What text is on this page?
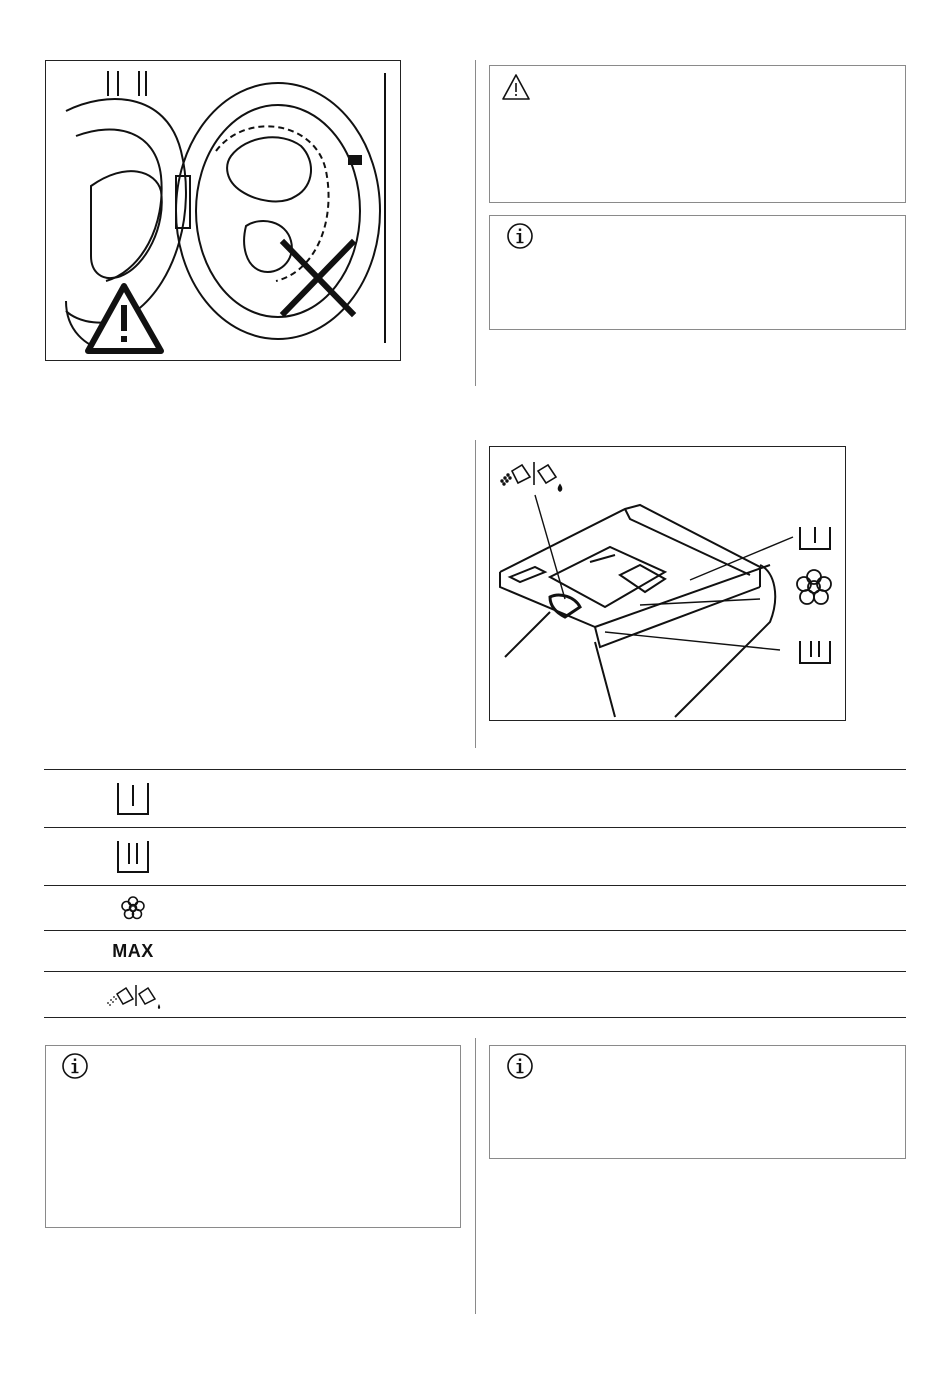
MAX
